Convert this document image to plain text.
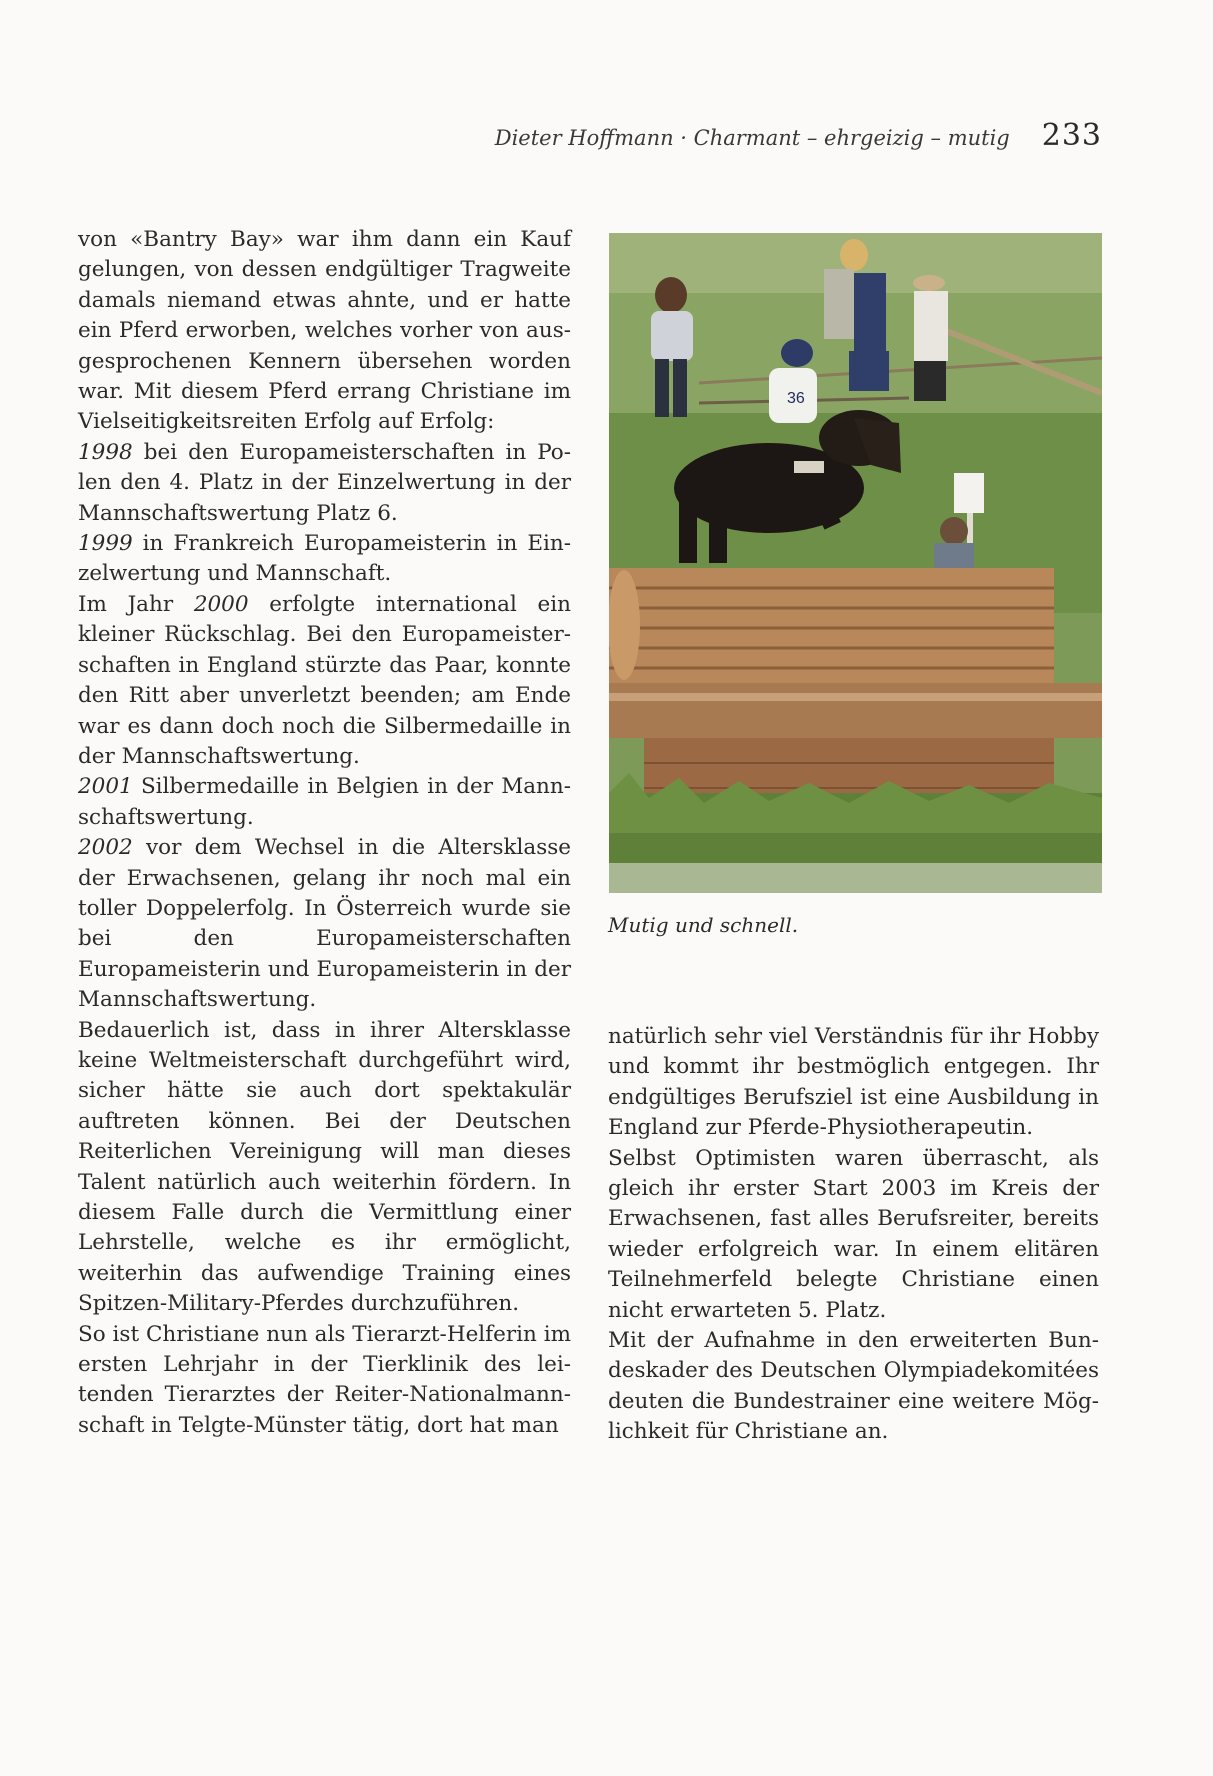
Dieter Hoffmann · Charmant – ehrgeizig – mutig 233

von «Bantry Bay» war ihm dann ein Kauf gelungen, von dessen endgültiger Tragweite damals niemand etwas ahnte, und er hatte ein Pferd erworben, welches vorher von ausgesprochenen Kennern übersehen worden war. Mit diesem Pferd errang Christiane im Vielseitigkeitsreiten Erfolg auf Erfolg:

1998 bei den Europameisterschaften in Polen den 4. Platz in der Einzelwertung in der Mannschaftswertung Platz 6.

1999 in Frankreich Europameisterin in Einzelwertung und Mannschaft.

Im Jahr 2000 erfolgte international ein kleiner Rückschlag. Bei den Europameisterschaften in England stürzte das Paar, konnte den Ritt aber unverletzt beenden; am Ende war es dann doch noch die Silbermedaille in der Mannschaftswertung.

2001 Silbermedaille in Belgien in der Mannschaftswertung.

2002 vor dem Wechsel in die Altersklasse der Erwachsenen, gelang ihr noch mal ein toller Doppelerfolg. In Österreich wurde sie bei den Europameisterschaften Europameisterin und Europameisterin in der Mannschaftswertung.

Bedauerlich ist, dass in ihrer Altersklasse keine Weltmeisterschaft durchgeführt wird, sicher hätte sie auch dort spektakulär auftreten können. Bei der Deutschen Reiterlichen Vereinigung will man dieses Talent natürlich auch weiterhin fördern. In diesem Falle durch die Vermittlung einer Lehrstelle, welche es ihr ermöglicht, weiterhin das aufwendige Training eines Spitzen-Military-Pferdes durchzuführen.

So ist Christiane nun als Tierarzt-Helferin im ersten Lehrjahr in der Tierklinik des leitenden Tierarztes der Reiter-Nationalmannschaft in Telgte-Münster tätig, dort hat man

36
Mutig und schnell.

natürlich sehr viel Verständnis für ihr Hobby und kommt ihr bestmöglich entgegen. Ihr endgültiges Berufsziel ist eine Ausbildung in England zur Pferde-Physiotherapeutin.

Selbst Optimisten waren überrascht, als gleich ihr erster Start 2003 im Kreis der Erwachsenen, fast alles Berufsreiter, bereits wieder erfolgreich war. In einem elitären Teilnehmerfeld belegte Christiane einen nicht erwarteten 5. Platz.

Mit der Aufnahme in den erweiterten Bundeskader des Deutschen Olympiadekomitées deuten die Bundestrainer eine weitere Möglichkeit für Christiane an.
